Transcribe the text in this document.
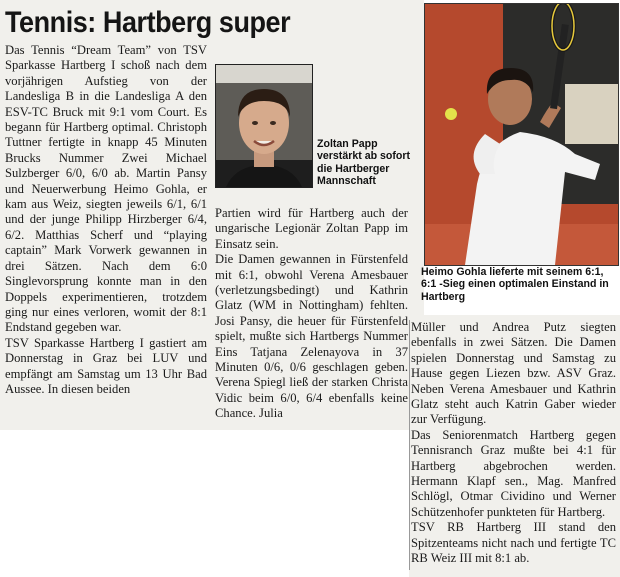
Tennis: Hartberg super

Das Tennis “Dream Team” von TSV Sparkasse Hartberg I schoß nach dem vorjährigen Aufstieg von der Landesliga B in die Landesliga A den ESV-TC Bruck mit 9:1 vom Court. Es begann für Hartberg optimal. Christoph Tuttner fertigte in knapp 45 Minuten Brucks Nummer Zwei Michael Sulzberger 6/0, 6/0 ab. Martin Pansy und Neuerwerbung Heimo Gohla, er kam aus Weiz, siegten jeweils 6/1, 6/1 und der junge Philipp Hirzberger 6/4, 6/2. Matthias Scherf und “playing captain” Mark Vorwerk gewannen in drei Sätzen. Nach dem 6:0 Singlevorsprung konnte man in den Doppels experimentieren, trotzdem ging nur eines verloren, womit der 8:1 Endstand gegeben war.

TSV Sparkasse Hartberg I gastiert am Donnerstag in Graz bei LUV und empfängt am Samstag um 13 Uhr Bad Aussee. In diesen beiden

Zoltan Papp verstärkt ab sofort die Hartberger Mannschaft
Heimo Gohla lieferte mit seinem 6:1, 6:1 -Sieg einen optimalen Einstand in Hartberg

Partien wird für Hartberg auch der ungarische Legionär Zoltan Papp im Einsatz sein.

Die Damen gewannen in Fürstenfeld mit 6:1, obwohl Verena Amesbauer (verletzungsbedingt) und Kathrin Glatz (WM in Nottingham) fehlten. Josi Pansy, die heuer für Fürstenfeld spielt, mußte sich Hartbergs Nummer Eins Tatjana Zelenayova in 37 Minuten 0/6, 0/6 geschlagen geben. Verena Spiegl ließ der starken Christa Vidic beim 6/0, 6/4 ebenfalls keine Chance. Julia

Müller und Andrea Putz siegten ebenfalls in zwei Sätzen. Die Damen spielen Donnerstag und Samstag zu Hause gegen Liezen bzw. ASV Graz. Neben Verena Amesbauer und Kathrin Glatz steht auch Katrin Gaber wieder zur Verfügung.

Das Seniorenmatch Hartberg gegen Tennisranch Graz mußte bei 4:1 für Hartberg abgebrochen werden. Hermann Klapf sen., Mag. Manfred Schlögl, Otmar Cividino und Werner Schützenhofer punkteten für Hartberg.

TSV RB Hartberg III stand den Spitzenteams nicht nach und fertigte TC RB Weiz III mit 8:1 ab.
